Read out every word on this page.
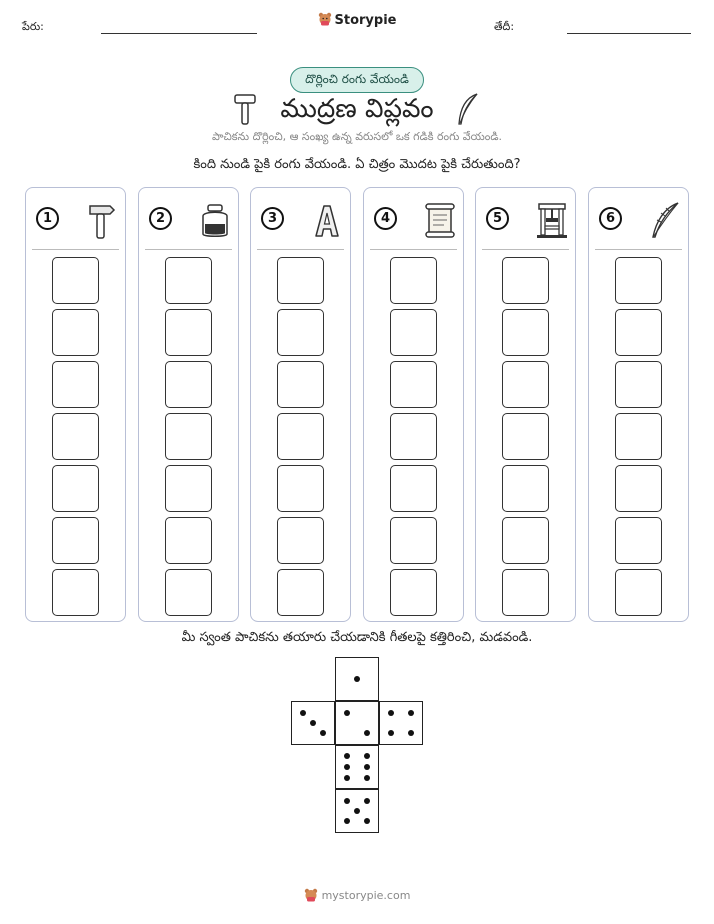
పేరు:	Storypie	తేదీ:
దొర్లించి రంగు వేయండి
ముద్రణ విప్లవం
పాచికను దొర్లించి, ఆ సంఖ్య ఉన్న వరుసలో ఒక గడికి రంగు వేయండి.
కింది నుండి పైకి రంగు వేయండి. ఏ చిత్రం మొదట పైకి చేరుతుంది?
1	2	3	4	5	6
మీ స్వంత పాచికను తయారు చేయడానికి గీతలపై కత్తిరించి, మడవండి.
mystorypie.com
